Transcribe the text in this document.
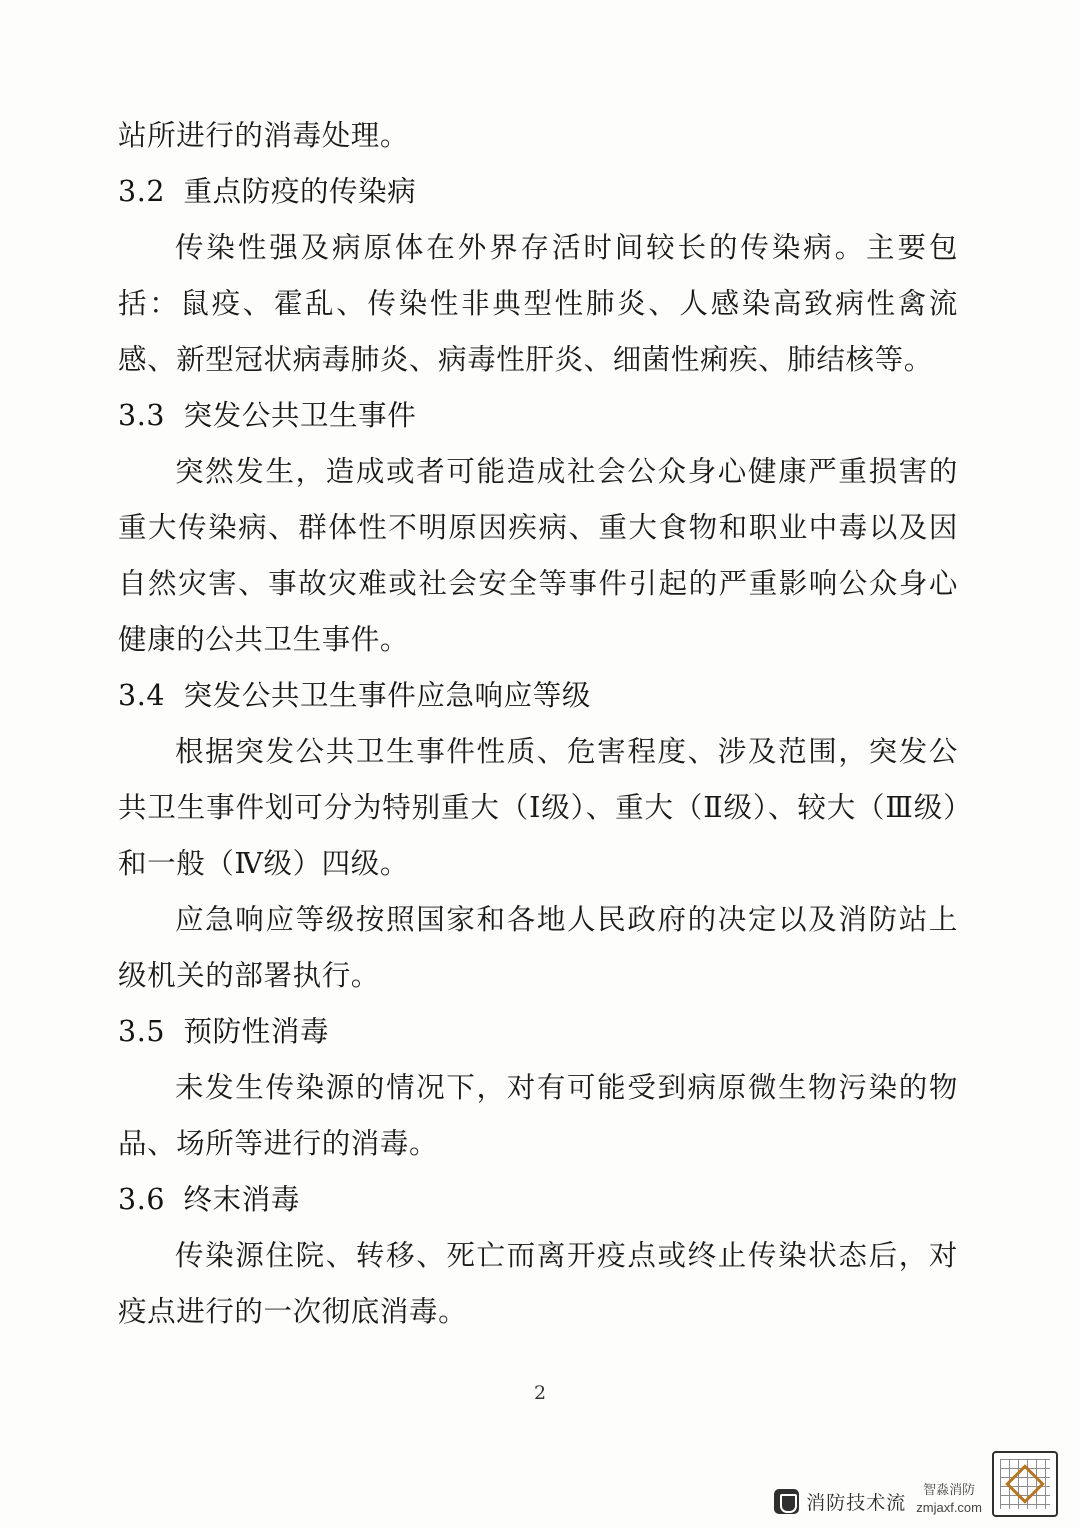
站所进行的消毒处理。

3.2 重点防疫的传染病

传染性强及病原体在外界存活时间较长的传染病。主要包括：鼠疫、霍乱、传染性非典型性肺炎、人感染高致病性禽流感、新型冠状病毒肺炎、病毒性肝炎、细菌性痢疾、肺结核等。

3.3 突发公共卫生事件

突然发生，造成或者可能造成社会公众身心健康严重损害的重大传染病、群体性不明原因疾病、重大食物和职业中毒以及因自然灾害、事故灾难或社会安全等事件引起的严重影响公众身心健康的公共卫生事件。

3.4 突发公共卫生事件应急响应等级

根据突发公共卫生事件性质、危害程度、涉及范围，突发公共卫生事件划可分为特别重大（Ⅰ级）、重大（Ⅱ级）、较大（Ⅲ级）和一般（Ⅳ级）四级。

应急响应等级按照国家和各地人民政府的决定以及消防站上级机关的部署执行。

3.5 预防性消毒

未发生传染源的情况下，对有可能受到病原微生物污染的物品、场所等进行的消毒。

3.6 终末消毒

传染源住院、转移、死亡而离开疫点或终止传染状态后，对疫点进行的一次彻底消毒。

2
消防技术流
智淼消防
zmjaxf.com
